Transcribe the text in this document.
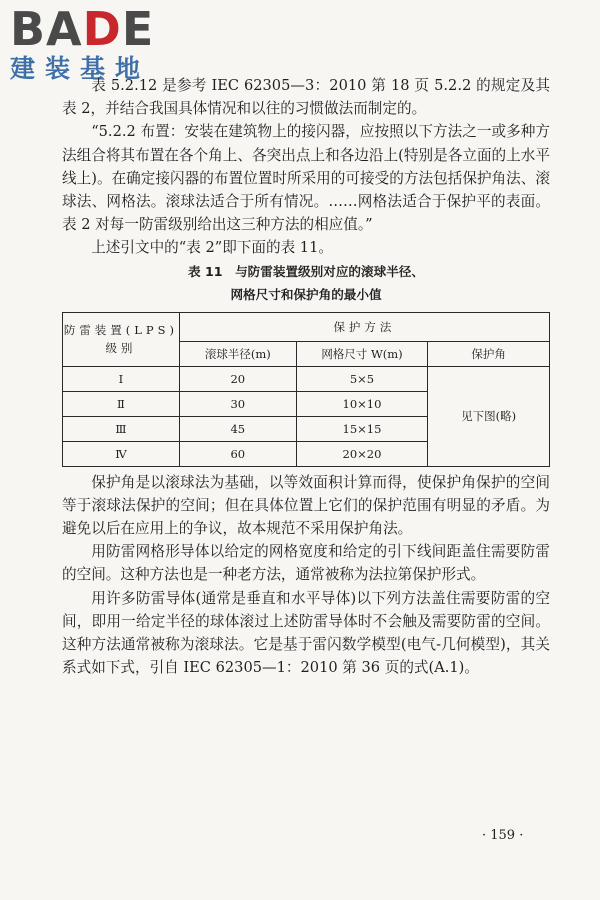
BADE
建装基地

表 5.2.12 是参考 IEC 62305—3：2010 第 18 页 5.2.2 的规定及其表 2，并结合我国具体情况和以往的习惯做法而制定的。

“5.2.2 布置：安装在建筑物上的接闪器，应按照以下方法之一或多种方法组合将其布置在各个角上、各突出点上和各边沿上(特别是各立面的上水平线上)。在确定接闪器的布置位置时所采用的可接受的方法包括保护角法、滚球法、网格法。滚球法适合于所有情况。……网格法适合于保护平的表面。表 2 对每一防雷级别给出这三种方法的相应值。”

上述引文中的“表 2”即下面的表 11。

表 11　与防雷装置级别对应的滚球半径、
网格尺寸和保护角的最小值
防雷装置(LPS)级别	保护方法		
	滚球半径(m)	网格尺寸 W(m)	保护角
Ⅰ	20	5×5	见下图(略)
Ⅱ	30	10×10	
Ⅲ	45	15×15	
Ⅳ	60	20×20	

保护角是以滚球法为基础，以等效面积计算而得，使保护角保护的空间等于滚球法保护的空间；但在具体位置上它们的保护范围有明显的矛盾。为避免以后在应用上的争议，故本规范不采用保护角法。

用防雷网格形导体以给定的网格宽度和给定的引下线间距盖住需要防雷的空间。这种方法也是一种老方法，通常被称为法拉第保护形式。

用许多防雷导体(通常是垂直和水平导体)以下列方法盖住需要防雷的空间，即用一给定半径的球体滚过上述防雷导体时不会触及需要防雷的空间。这种方法通常被称为滚球法。它是基于雷闪数学模型(电气-几何模型)，其关系式如下式，引自 IEC 62305—1：2010 第 36 页的式(A.1)。

· 159 ·
